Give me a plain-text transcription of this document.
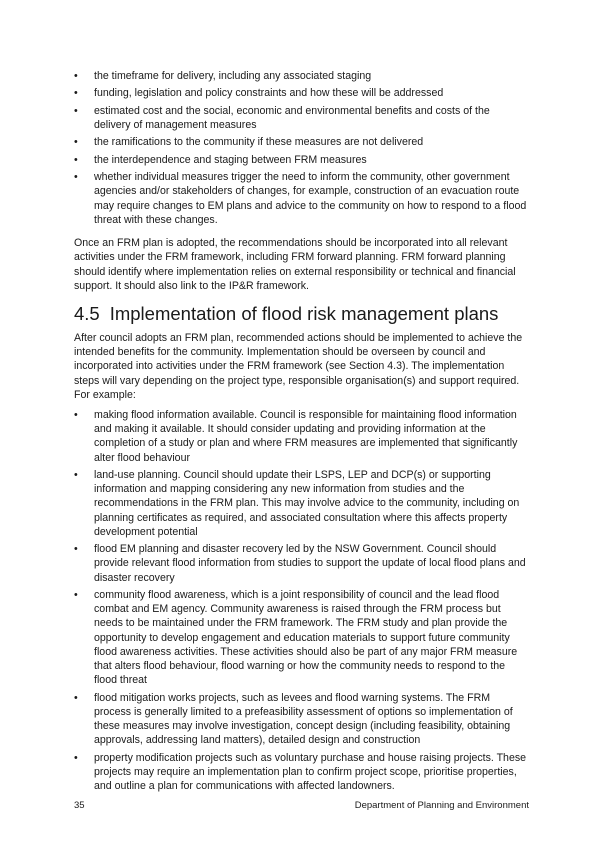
•	the timeframe for delivery, including any associated staging
•	funding, legislation and policy constraints and how these will be addressed
•	estimated cost and the social, economic and environmental benefits and costs of the delivery of management measures
•	the ramifications to the community if these measures are not delivered
•	the interdependence and staging between FRM measures
•	whether individual measures trigger the need to inform the community, other government agencies and/or stakeholders of changes, for example, construction of an evacuation route may require changes to EM plans and advice to the community on how to respond to a flood threat with these changes.

Once an FRM plan is adopted, the recommendations should be incorporated into all relevant activities under the FRM framework, including FRM forward planning. FRM forward planning should identify where implementation relies on external responsibility or technical and financial support. It should also link to the IP&R framework.

4.5 Implementation of flood risk management plans

After council adopts an FRM plan, recommended actions should be implemented to achieve the intended benefits for the community. Implementation should be overseen by council and incorporated into activities under the FRM framework (see Section 4.3). The implementation steps will vary depending on the project type, responsible organisation(s) and support required. For example:

•	making flood information available. Council is responsible for maintaining flood information and making it available. It should consider updating and providing information at the completion of a study or plan and where FRM measures are implemented that significantly alter flood behaviour
•	land-use planning. Council should update their LSPS, LEP and DCP(s) or supporting information and mapping considering any new information from studies and the recommendations in the FRM plan. This may involve advice to the community, including on planning certificates as required, and associated consultation where this affects property development potential
•	flood EM planning and disaster recovery led by the NSW Government. Council should provide relevant flood information from studies to support the update of local flood plans and disaster recovery
•	community flood awareness, which is a joint responsibility of council and the lead flood combat and EM agency. Community awareness is raised through the FRM process but needs to be maintained under the FRM framework. The FRM study and plan provide the opportunity to develop engagement and education materials to support future community flood awareness activities. These activities should also be part of any major FRM measure that alters flood behaviour, flood warning or how the community needs to respond to the flood threat
•	flood mitigation works projects, such as levees and flood warning systems. The FRM process is generally limited to a prefeasibility assessment of options so implementation of these measures may involve investigation, concept design (including feasibility, obtaining approvals, addressing land matters), detailed design and construction
•	property modification projects such as voluntary purchase and house raising projects. These projects may require an implementation plan to confirm project scope, prioritise properties, and outline a plan for communications with affected landowners.
35	Department of Planning and Environment
